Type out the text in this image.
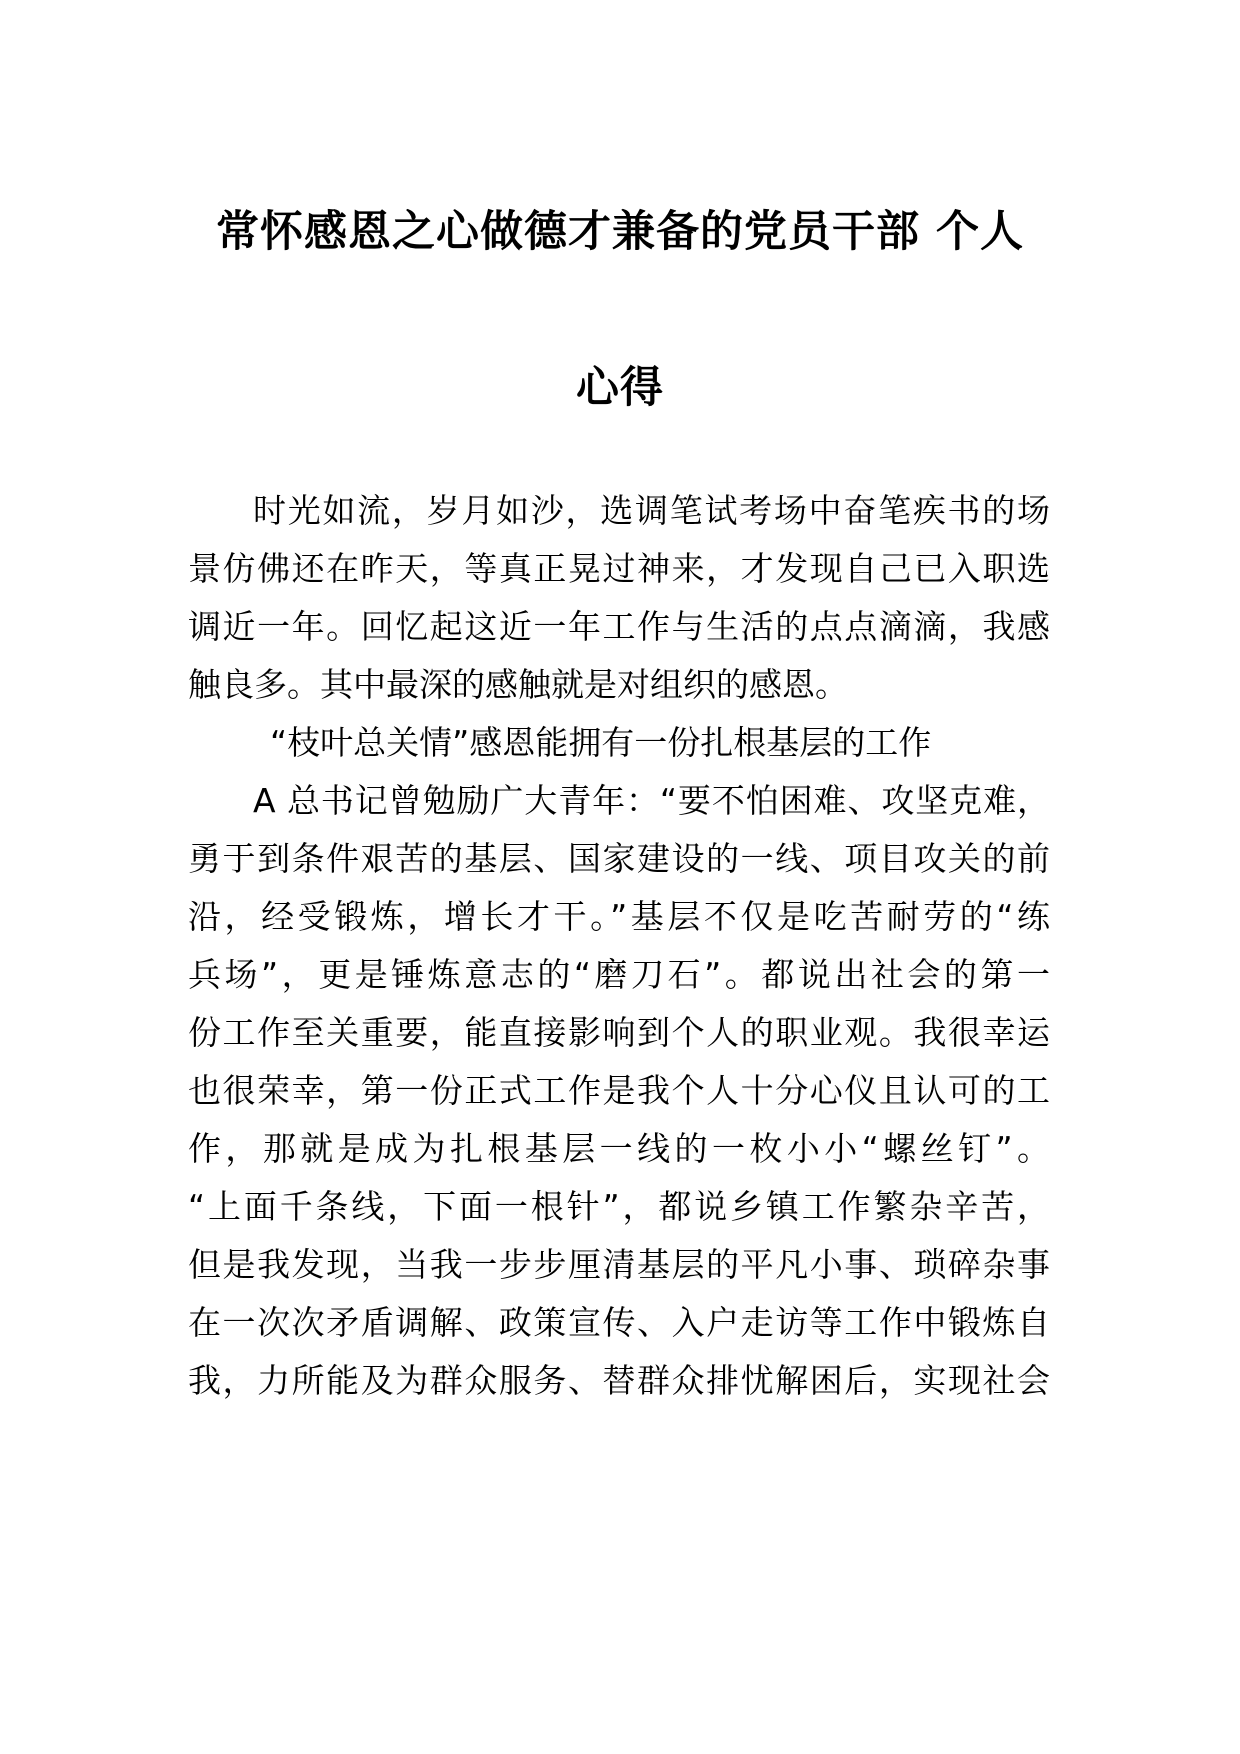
常怀感恩之心做德才兼备的党员干部 个人
心得
时光如流，岁月如沙，选调笔试考场中奋笔疾书的场
景仿佛还在昨天，等真正晃过神来，才发现自己已入职选
调近一年。回忆起这近一年工作与生活的点点滴滴，我感
触良多。其中最深的感触就是对组织的感恩。
“枝叶总关情”感恩能拥有一份扎根基层的工作
A 总书记曾勉励广大青年：“要不怕困难、攻坚克难，
勇于到条件艰苦的基层、国家建设的一线、项目攻关的前
沿，经受锻炼，增长才干。”基层不仅是吃苦耐劳的“练
兵场”，更是锤炼意志的“磨刀石”。都说出社会的第一
份工作至关重要，能直接影响到个人的职业观。我很幸运
也很荣幸，第一份正式工作是我个人十分心仪且认可的工
作，那就是成为扎根基层一线的一枚小小“螺丝钉”。
“上面千条线，下面一根针”，都说乡镇工作繁杂辛苦，
但是我发现，当我一步步厘清基层的平凡小事、琐碎杂事
在一次次矛盾调解、政策宣传、入户走访等工作中锻炼自
我，力所能及为群众服务、替群众排忧解困后，实现社会
